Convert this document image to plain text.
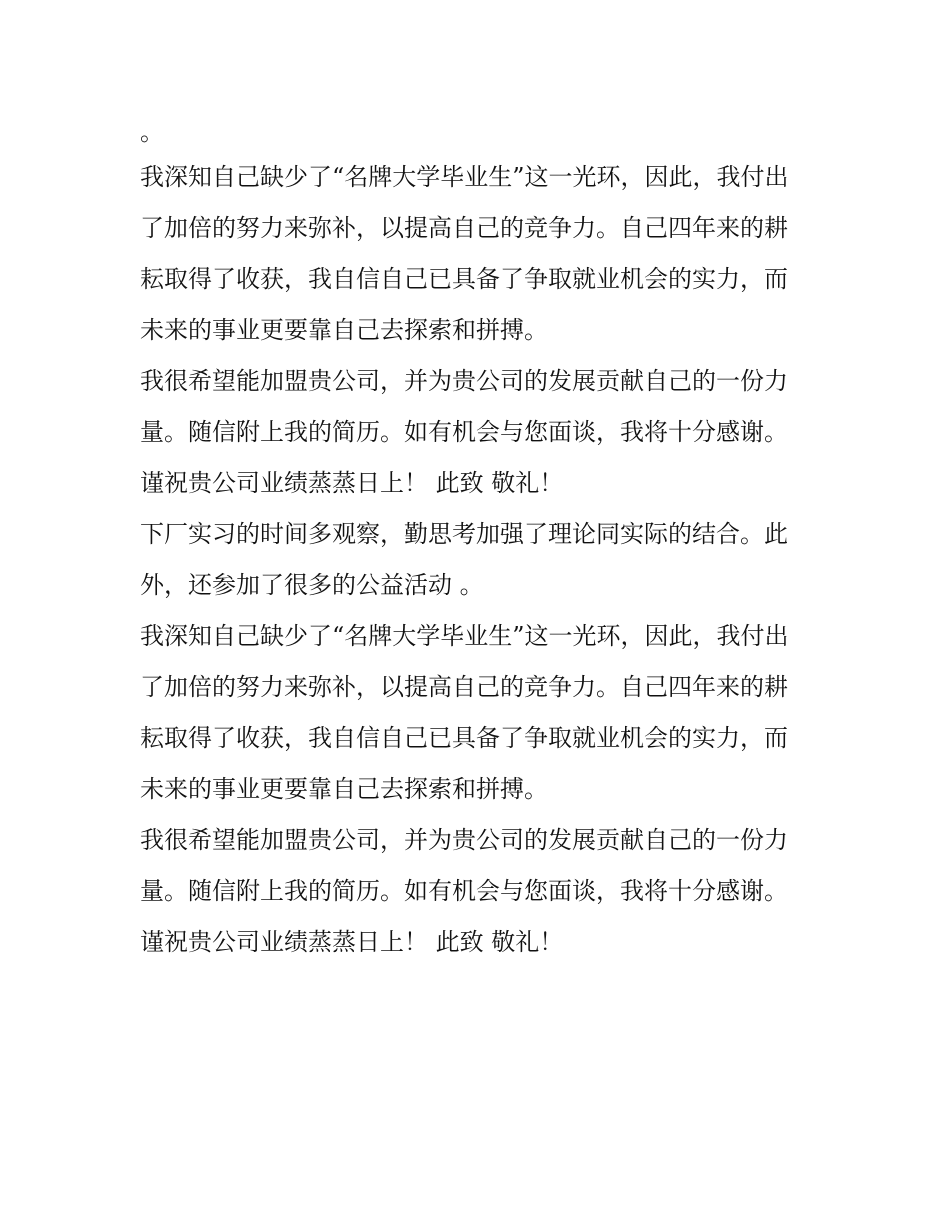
。
我深知自己缺少了“名牌大学毕业生”这一光环，因此，我付出
了加倍的努力来弥补，以提高自己的竞争力。自己四年来的耕
耘取得了收获，我自信自己已具备了争取就业机会的实力，而
未来的事业更要靠自己去探索和拼搏。
我很希望能加盟贵公司，并为贵公司的发展贡献自己的一份力
量。随信附上我的简历。如有机会与您面谈，我将十分感谢。
谨祝贵公司业绩蒸蒸日上！ 此致 敬礼！
下厂实习的时间多观察，勤思考加强了理论同实际的结合。此
外，还参加了很多的公益活动 。
我深知自己缺少了“名牌大学毕业生”这一光环，因此，我付出
了加倍的努力来弥补，以提高自己的竞争力。自己四年来的耕
耘取得了收获，我自信自己已具备了争取就业机会的实力，而
未来的事业更要靠自己去探索和拼搏。
我很希望能加盟贵公司，并为贵公司的发展贡献自己的一份力
量。随信附上我的简历。如有机会与您面谈，我将十分感谢。
谨祝贵公司业绩蒸蒸日上！ 此致 敬礼！
